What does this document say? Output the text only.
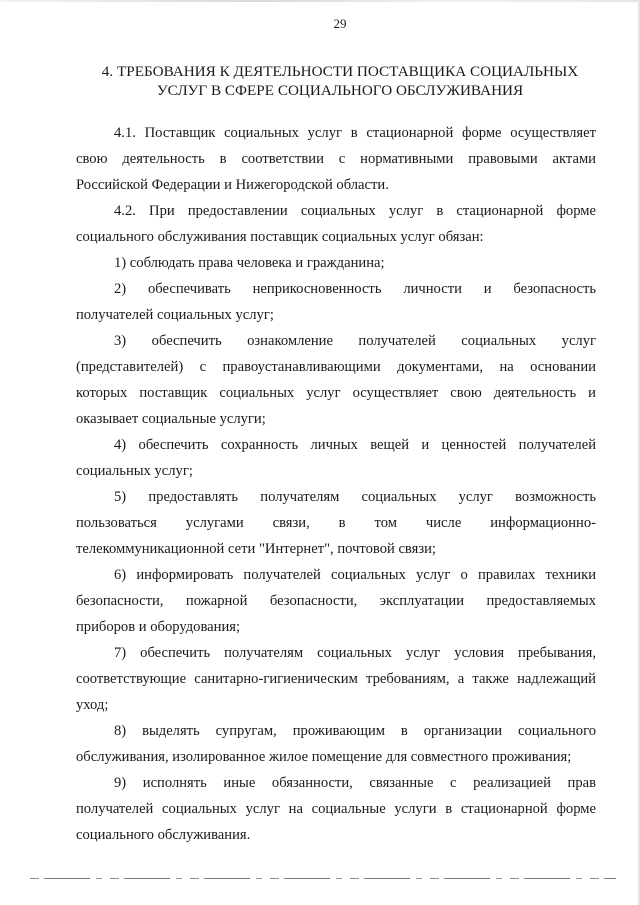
29
4. ТРЕБОВАНИЯ К ДЕЯТЕЛЬНОСТИ ПОСТАВЩИКА СОЦИАЛЬНЫХ
УСЛУГ В СФЕРЕ СОЦИАЛЬНОГО ОБСЛУЖИВАНИЯ
4.1. Поставщик социальных услуг в стационарной форме осуществляет
свою деятельность в соответствии с нормативными правовыми актами
Российской Федерации и Нижегородской области.
4.2. При предоставлении социальных услуг в стационарной форме
социального обслуживания поставщик социальных услуг обязан:
1) соблюдать права человека и гражданина;
2) обеспечивать неприкосновенность личности и безопасность
получателей социальных услуг;
3) обеспечить ознакомление получателей социальных услуг
(представителей) с правоустанавливающими документами, на основании
которых поставщик социальных услуг осуществляет свою деятельность и
оказывает социальные услуги;
4) обеспечить сохранность личных вещей и ценностей получателей
социальных услуг;
5) предоставлять получателям социальных услуг возможность
пользоваться услугами связи, в том числе информационно-
телекоммуникационной сети "Интернет", почтовой связи;
6) информировать получателей социальных услуг о правилах техники
безопасности, пожарной безопасности, эксплуатации предоставляемых
приборов и оборудования;
7) обеспечить получателям социальных услуг условия пребывания,
соответствующие санитарно-гигиеническим требованиям, а также надлежащий
уход;
8) выделять супругам, проживающим в организации социального
обслуживания, изолированное жилое помещение для совместного проживания;
9) исполнять иные обязанности, связанные с реализацией прав
получателей социальных услуг на социальные услуги в стационарной форме
социального обслуживания.
